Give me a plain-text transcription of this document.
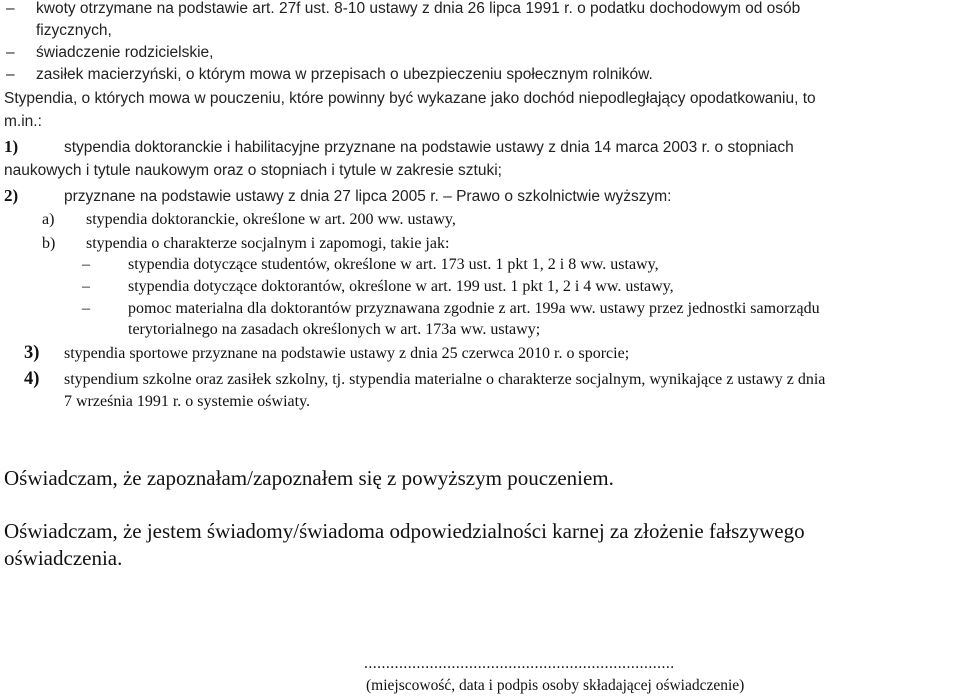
– kwoty otrzymane na podstawie art. 27f ust. 8-10 ustawy z dnia 26 lipca 1991 r. o podatku dochodowym od osób
fizycznych,
– świadczenie rodzicielskie,
– zasiłek macierzyński, o którym mowa w przepisach o ubezpieczeniu społecznym rolników.
Stypendia, o których mowa w pouczeniu, które powinny być wykazane jako dochód niepodległający opodatkowaniu, to
m.in.:
1)	stypendia doktoranckie i habilitacyjne przyznane na podstawie ustawy z dnia 14 marca 2003 r. o stopniach
naukowych i tytule naukowym oraz o stopniach i tytule w zakresie sztuki;
2)	przyznane na podstawie ustawy z dnia 27 lipca 2005 r. – Prawo o szkolnictwie wyższym:
a) stypendia doktoranckie, określone w art. 200 ww. ustawy,
b) stypendia o charakterze socjalnym i zapomogi, takie jak:
– stypendia dotyczące studentów, określone w art. 173 ust. 1 pkt 1, 2 i 8 ww. ustawy,
– stypendia dotyczące doktorantów, określone w art. 199 ust. 1 pkt 1, 2 i 4 ww. ustawy,
– pomoc materialna dla doktorantów przyznawana zgodnie z art. 199a ww. ustawy przez jednostki samorządu
terytorialnego na zasadach określonych w art. 173a ww. ustawy;
3) stypendia sportowe przyznane na podstawie ustawy z dnia 25 czerwca 2010 r. o sporcie;
4) stypendium szkolne oraz zasiłek szkolny, tj. stypendia materialne o charakterze socjalnym, wynikające z ustawy z dnia
7 września 1991 r. o systemie oświaty.
Oświadczam, że zapoznałam/zapoznałem się z powyższym pouczeniem.
Oświadczam, że jestem świadomy/świadoma odpowiedzialności karnej za złożenie fałszywego
oświadczenia.
.......................................................................
(miejscowość, data i podpis osoby składającej oświadczenie)
